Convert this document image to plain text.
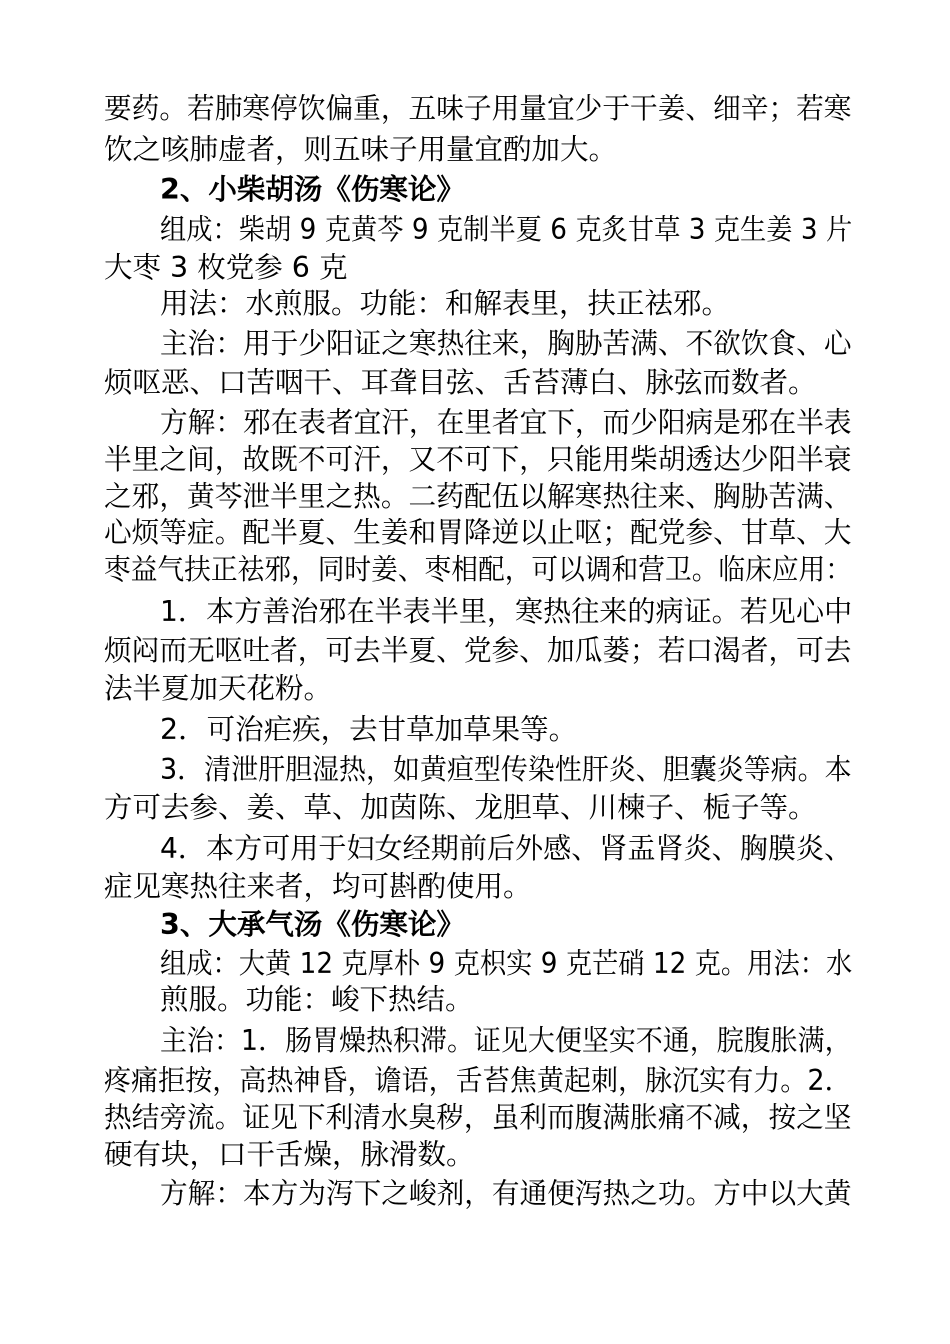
要药。若肺寒停饮偏重，五味子用量宜少于干姜、细辛；若寒
饮之咳肺虚者，则五味子用量宜酌加大。
2、小柴胡汤《伤寒论》
组成：柴胡 9 克黄芩 9 克制半夏 6 克炙甘草 3 克生姜 3 片
大枣 3 枚党参 6 克
用法：水煎服。功能：和解表里，扶正祛邪。
主治：用于少阳证之寒热往来，胸胁苦满、不欲饮食、心
烦呕恶、口苦咽干、耳聋目弦、舌苔薄白、脉弦而数者。
方解：邪在表者宜汗，在里者宜下，而少阳病是邪在半表
半里之间，故既不可汗，又不可下，只能用柴胡透达少阳半衰
之邪，黄芩泄半里之热。二药配伍以解寒热往来、胸胁苦满、
心烦等症。配半夏、生姜和胃降逆以止呕；配党参、甘草、大
枣益气扶正祛邪，同时姜、枣相配，可以调和营卫。临床应用：
1．本方善治邪在半表半里，寒热往来的病证。若见心中
烦闷而无呕吐者，可去半夏、党参、加瓜蒌；若口渴者，可去
法半夏加天花粉。
2．可治疟疾，去甘草加草果等。
3．清泄肝胆湿热，如黄疸型传染性肝炎、胆囊炎等病。本
方可去参、姜、草、加茵陈、龙胆草、川楝子、栀子等。
4．本方可用于妇女经期前后外感、肾盂肾炎、胸膜炎、
症见寒热往来者，均可斟酌使用。
3、大承气汤《伤寒论》
组成：大黄 12 克厚朴 9 克枳实 9 克芒硝 12 克。用法：水
煎服。功能：峻下热结。
主治：1．肠胃燥热积滞。证见大便坚实不通，脘腹胀满，
疼痛拒按，高热神昏，谵语，舌苔焦黄起刺，脉沉实有力。2．
热结旁流。证见下利清水臭秽，虽利而腹满胀痛不减，按之坚
硬有块，口干舌燥，脉滑数。
方解：本方为泻下之峻剂，有通便泻热之功。方中以大黄
